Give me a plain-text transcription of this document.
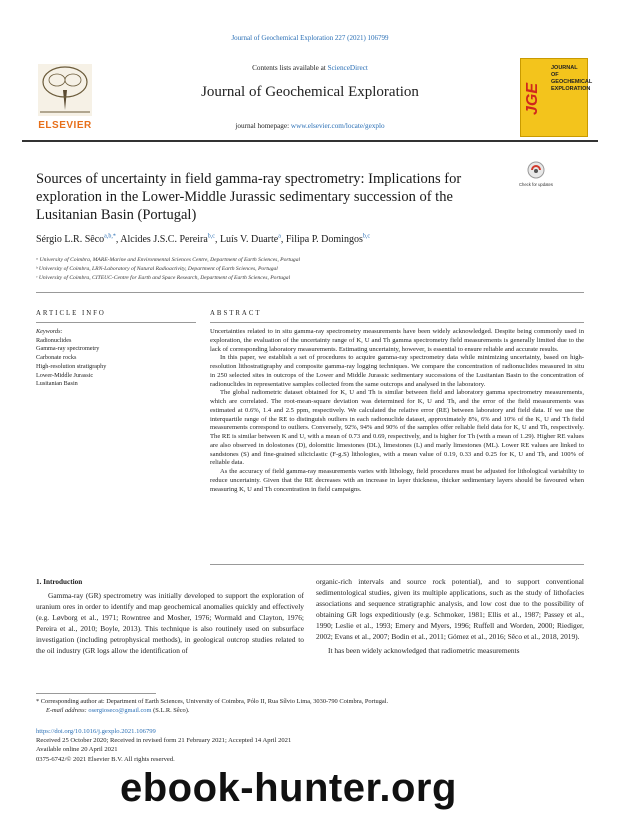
Journal of Geochemical Exploration 227 (2021) 106799
ELSEVIER
Contents lists available at ScienceDirect
Journal of Geochemical Exploration
journal homepage: www.elsevier.com/locate/gexplo
JOURNAL OF GEOCHEMICAL EXPLORATION
JGE
Sources of uncertainty in field gamma-ray spectrometry: Implications for exploration in the Lower-Middle Jurassic sedimentary succession of the Lusitanian Basin (Portugal)
Check for updates
Sérgio L.R. Sêco$^{a,b,*}$, Alcides J.S.C. Pereira$^{b,c}$, Luís V. Duarte$^a$, Filipa P. Domingos$^{b,c}$
ᵃ University of Coimbra, MARE-Marine and Environmental Sciences Centre, Department of Earth Sciences, Portugal
ᵇ University of Coimbra, LRN-Laboratory of Natural Radioactivity, Department of Earth Sciences, Portugal
ᶜ University of Coimbra, CITEUC-Centre for Earth and Space Research, Department of Earth Sciences, Portugal
ARTICLE INFO	ABSTRACT
Keywords:
Radionuclides
Gamma-ray spectrometry
Carbonate rocks
High-resolution stratigraphy
Lower-Middle Jurassic
Lusitanian Basin

Uncertainties related to in situ gamma-ray spectrometry measurements have been widely acknowledged. Despite being commonly used in exploration, the evaluation of the uncertainty range of K, U and Th gamma spectrometry field measurements is generally limited due to the lack of corresponding laboratory measurements. Estimating uncertainty, however, is essential to ensure reliable and accurate results.

In this paper, we establish a set of procedures to acquire gamma-ray spectrometry data while minimizing uncertainty, based on high-resolution lithostratigraphy and composite gamma-ray logging techniques. We compare the concentration of radionuclides measured in situ in 250 selected sites in outcrops of the Lower and Middle Jurassic sedimentary successions of the Lusitanian Basin to the concentration of radionuclides in representative samples collected from the same outcrops and analysed in the laboratory.

The global radiometric dataset obtained for K, U and Th is similar between field and laboratory gamma spectrometry measurements, which are correlated. The root-mean-square deviation was determined for K, U and Th, and the error of the field measurements was estimated at 0.6%, 1.4 and 2.5 ppm, respectively. We calculated the relative error (RE) between laboratory and field data. If we use the interquartile range of the RE to distinguish outliers in each radionuclide dataset, approximately 8%, 6% and 10% of the K, U and Th field measurements correspond to outliers. Conversely, 92%, 94% and 90% of the samples offer reliable field data for K, U and Th, respectively. The RE is similar between K and U, with a mean of 0.73 and 0.69, respectively, and is higher for Th (with a mean of 1.29). Higher RE values are also observed in dolostones (D), dolomitic limestones (DL), limestones (L) and marly limestones (ML). Lower RE values are linked to sandstones (S) and fine-grained siliciclastic (F-g.S) lithologies, with a mean value of 0.19, 0.33 and 0.25 for K, U and Th, and 100% of reliable data.

As the accuracy of field gamma-ray measurements varies with lithology, field procedures must be adjusted for lithological variability to reduce uncertainty. Given that the RE decreases with an increase in layer thickness, thicker sedimentary layers should be favoured when measuring K, U and Th concentration in field campaigns.

1. Introduction

Gamma-ray (GR) spectrometry was initially developed to support the exploration of uranium ores in order to identify and map geochemical anomalies quickly and effectively (e.g. Løvborg et al., 1971; Rowntree and Mosher, 1976; Wormald and Clayton, 1976; Pereira et al., 2010; Boyle, 2013). This technique is also routinely used on subsurface investigation (including petrophysical methods), in geological outcrop studies related to the oil industry (GR logs allow the identification of

organic-rich intervals and source rock potential), and to support conventional sedimentological studies, given its multiple applications, such as the study of lithofacies associations and sequence stratigraphic analysis, and low cost due to the possibility of obtaining GR logs expeditiously (e.g. Schmoker, 1981; Ellis et al., 1987; Passey et al., 1990; Leslie et al., 1993; Emery and Myers, 1996; Ruffell and Worden, 2000; Riediger, 2002; Evans et al., 2007; Bodin et al., 2011; Gómez et al., 2016; Sêco et al., 2018, 2019).

It has been widely acknowledged that radiometric measurements

* Corresponding author at: Department of Earth Sciences, University of Coimbra, Pólo II, Rua Sílvio Lima, 3030-790 Coimbra, Portugal.
E-mail address: osergioseco@gmail.com (S.L.R. Sêco).
https://doi.org/10.1016/j.gexplo.2021.106799
Received 25 October 2020; Received in revised form 21 February 2021; Accepted 14 April 2021
Available online 20 April 2021
0375-6742/© 2021 Elsevier B.V. All rights reserved.
ebook-hunter.org
